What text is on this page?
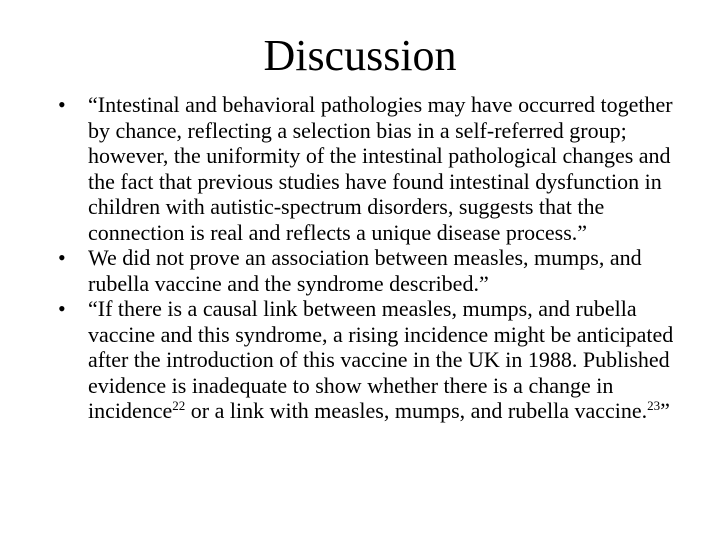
Discussion
• “Intestinal and behavioral pathologies may have occurred together by chance, reflecting a selection bias in a self-referred group; however, the uniformity of the intestinal pathological changes and the fact that previous studies have found intestinal dysfunction in children with autistic-spectrum disorders, suggests that the connection is real and reflects a unique disease process.”
• We did not prove an association between measles, mumps, and rubella vaccine and the syndrome described.”
• “If there is a causal link between measles, mumps, and rubella vaccine and this syndrome, a rising incidence might be anticipated after the introduction of this vaccine in the UK in 1988. Published evidence is inadequate to show whether there is a change in incidence$^{22}$ or a link with measles, mumps, and rubella vaccine.$^{23}$”
